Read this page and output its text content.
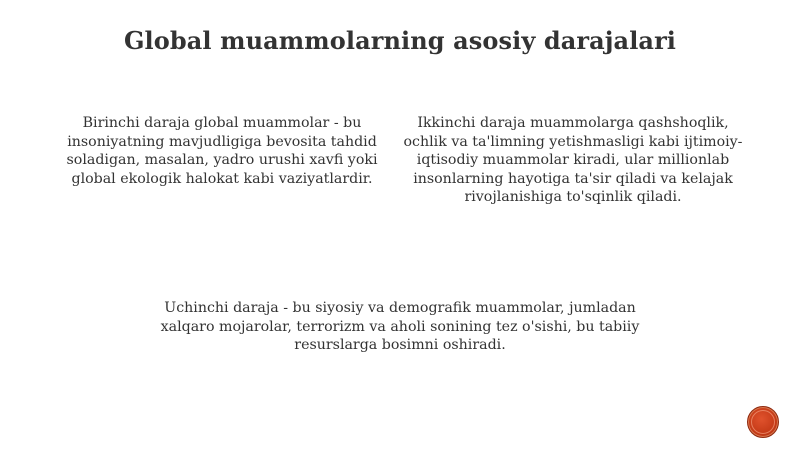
Global muammolarning asosiy darajalari
Birinchi daraja global muammolar - bu insoniyatning mavjudligiga bevosita tahdid soladigan, masalan, yadro urushi xavfi yoki global ekologik halokat kabi vaziyatlardir.
Ikkinchi daraja muammolarga qashshoqlik, ochlik va ta'limning yetishmasligi kabi ijtimoiy-iqtisodiy muammolar kiradi, ular millionlab insonlarning hayotiga ta'sir qiladi va kelajak rivojlanishiga to'sqinlik qiladi.
Uchinchi daraja - bu siyosiy va demografik muammolar, jumladan xalqaro mojarolar, terrorizm va aholi sonining tez o'sishi, bu tabiiy resurslarga bosimni oshiradi.
